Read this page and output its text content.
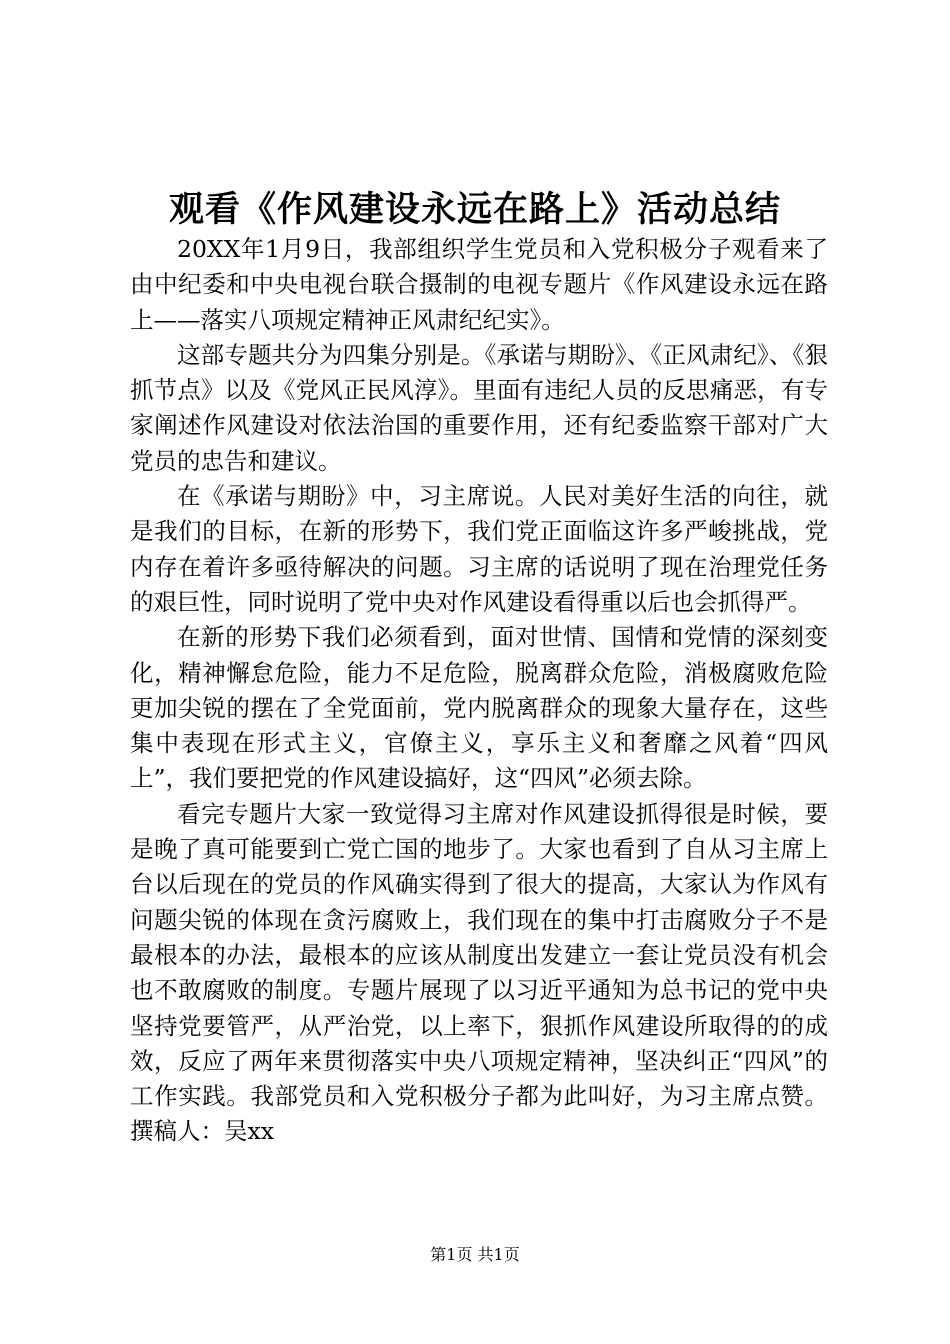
观看《作风建设永远在路上》活动总结

20XX年1月9日，我部组织学生党员和入党积极分子观看来了由中纪委和中央电视台联合摄制的电视专题片《作风建设永远在路上——落实八项规定精神正风肃纪纪实》。

这部专题共分为四集分别是。《承诺与期盼》、《正风肃纪》、《狠抓节点》以及《党风正民风淳》。里面有违纪人员的反思痛恶，有专家阐述作风建设对依法治国的重要作用，还有纪委监察干部对广大党员的忠告和建议。

在《承诺与期盼》中，习主席说。人民对美好生活的向往，就是我们的目标，在新的形势下，我们党正面临这许多严峻挑战，党内存在着许多亟待解决的问题。习主席的话说明了现在治理党任务的艰巨性，同时说明了党中央对作风建设看得重以后也会抓得严。

在新的形势下我们必须看到，面对世情、国情和党情的深刻变化，精神懈怠危险，能力不足危险，脱离群众危险，消极腐败危险更加尖锐的摆在了全党面前，党内脱离群众的现象大量存在，这些集中表现在形式主义，官僚主义，享乐主义和奢靡之风着“四风上”，我们要把党的作风建设搞好，这“四风”必须去除。

看完专题片大家一致觉得习主席对作风建设抓得很是时候，要是晚了真可能要到亡党亡国的地步了。大家也看到了自从习主席上台以后现在的党员的作风确实得到了很大的提高，大家认为作风有问题尖锐的体现在贪污腐败上，我们现在的集中打击腐败分子不是最根本的办法，最根本的应该从制度出发建立一套让党员没有机会也不敢腐败的制度。专题片展现了以习近平通知为总书记的党中央坚持党要管严，从严治党，以上率下，狠抓作风建设所取得的的成效，反应了两年来贯彻落实中央八项规定精神，坚决纠正“四风”的工作实践。我部党员和入党积极分子都为此叫好，为习主席点赞。撰稿人：吴xx

第1页 共1页
